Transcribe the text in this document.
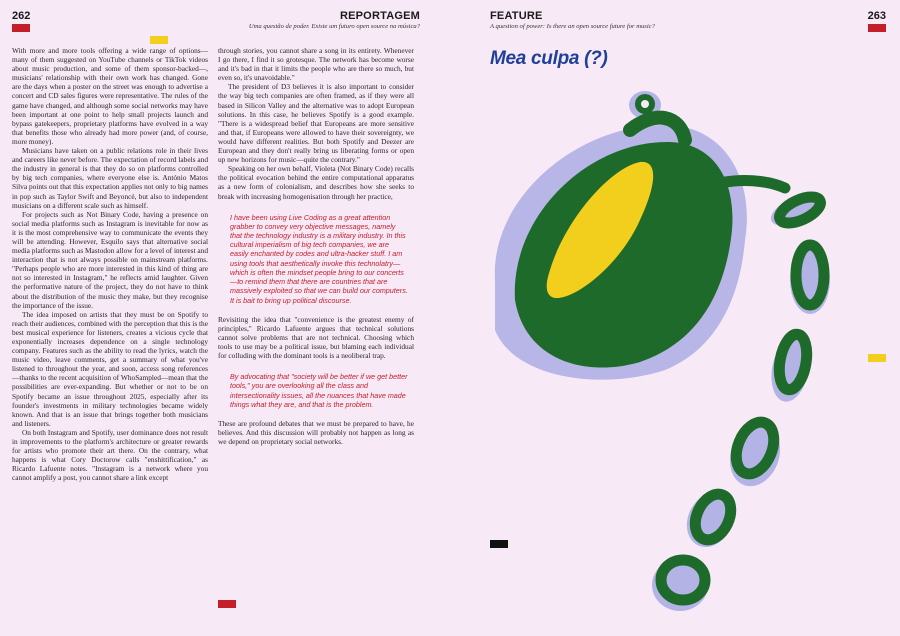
262	263
REPORTAGEM
Uma questão de poder. Existe um futuro open source na música?
FEATURE
A question of power: Is there an open source future for music?

With more and more tools offering a wide range of options—many of them suggested on YouTube channels or TikTok videos about music production, and some of them sponsor-backed—, musicians' relationship with their own work has changed. Gone are the days when a poster on the street was enough to advertise a concert and CD sales figures were representative. The rules of the game have changed, and although some social networks may have been important at one point to help small projects launch and bypass gatekeepers, proprietary platforms have evolved in a way that benefits those who already had more power (and, of course, more money).

Musicians have taken on a public relations role in their lives and careers like never before. The expectation of record labels and the industry in general is that they do so on platforms controlled by big tech companies, where everyone else is. António Matos Silva points out that this expectation applies not only to big names in pop such as Taylor Swift and Beyoncé, but also to independent musicians on a different scale such as himself.

For projects such as Not Binary Code, having a presence on social media platforms such as Instagram is inevitable for now as it is the most comprehensive way to communicate the events they will be attending. However, Esquilo says that alternative social media platforms such as Mastodon allow for a level of interest and interaction that is not always possible on mainstream platforms. "Perhaps people who are more interested in this kind of thing are not so interested in Instagram," he reflects amid laughter. Given the performative nature of the project, they do not have to think about the distribution of the music they make, but they recognise the importance of the issue.

The idea imposed on artists that they must be on Spotify to reach their audiences, combined with the perception that this is the best musical experience for listeners, creates a vicious cycle that exponentially increases dependence on a single technology company. Features such as the ability to read the lyrics, watch the music video, leave comments, get a summary of what you've listened to throughout the year, and soon, access song references—thanks to the recent acquisition of WhoSampled—mean that the possibilities are ever-expanding. But whether or not to be on Spotify became an issue throughout 2025, especially after its founder's investments in military technologies became widely known. And that is an issue that brings together both musicians and listeners.

On both Instagram and Spotify, user dominance does not result in improvements to the platform's architecture or greater rewards for artists who promote their art there. On the contrary, what happens is what Cory Doctorow calls "enshittification," as Ricardo Lafuente notes. "Instagram is a network where you cannot amplify a post, you cannot share a link except

through stories, you cannot share a song in its entirety. Whenever I go there, I find it so grotesque. The network has become worse and it's bad in that it limits the people who are there so much, but even so, it's unavoidable."

The president of D3 believes it is also important to consider the way big tech companies are often framed, as if they were all based in Silicon Valley and the alternative was to adopt European solutions. In this case, he believes Spotify is a good example. "There is a widespread belief that Europeans are more sensitive and that, if Europeans were allowed to have their sovereignty, we would have different realities. But both Spotify and Deezer are European and they don't really bring us liberating forms or open up new horizons for music—quite the contrary."

Speaking on her own behalf, Violeta (Not Binary Code) recalls the political evocation behind the entire computational apparatus as a new form of colonialism, and describes how she seeks to break with increasing homogenisation through her practice,

I have been using Live Coding as a great attention grabber to convey very objective messages, namely that the technology industry is a military industry. In this cultural imperialism of big tech companies, we are easily enchanted by codes and ultra-hacker stuff. I am using tools that aesthetically invoke this technolatry—which is often the mindset people bring to our concerts—to remind them that there are countries that are massively exploited so that we can build our computers. It is bait to bring up political discourse.

Revisiting the idea that "convenience is the greatest enemy of principles," Ricardo Lafuente argues that technical solutions cannot solve problems that are not technical. Choosing which tools to use may be a political issue, but blaming each individual for colluding with the dominant tools is a neoliberal trap.

By advocating that "society will be better if we get better tools," you are overlooking all the class and intersectionality issues, all the nuances that have made things what they are, and that is the problem.

These are profound debates that we must be prepared to have, he believes. And this discussion will probably not happen as long as we depend on proprietary social networks.

Mea culpa (?)
